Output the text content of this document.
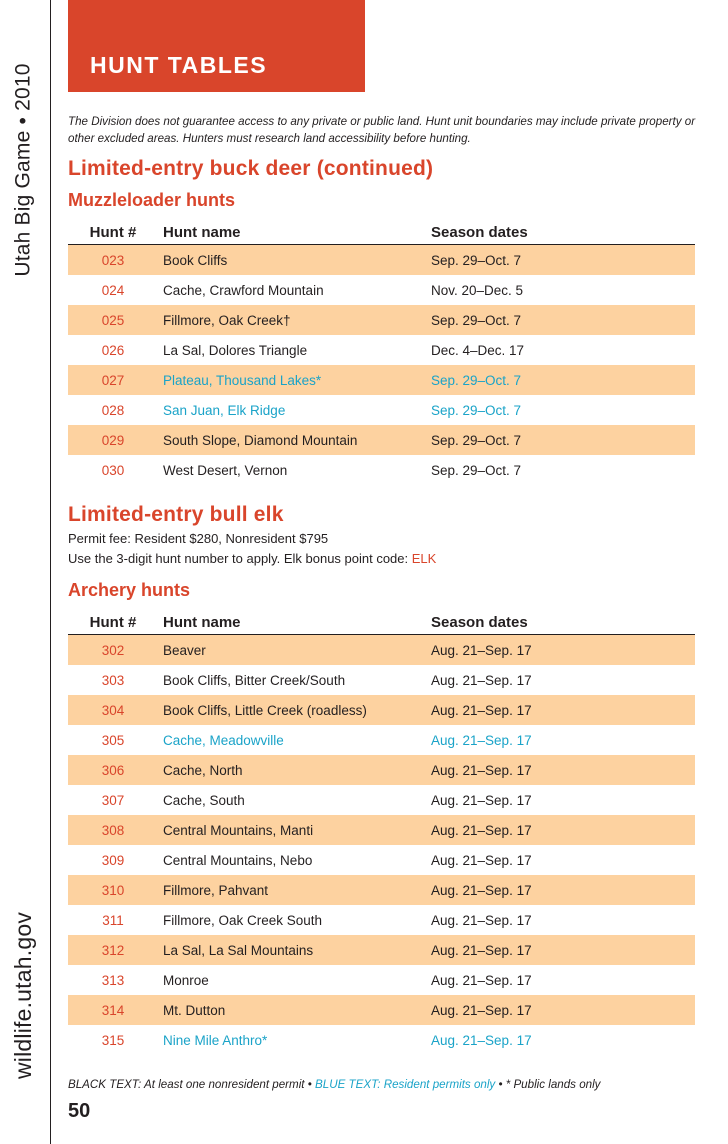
Utah Big Game • 2010
wildlife.utah.gov
HUNT TABLES

The Division does not guarantee access to any private or public land. Hunt unit boundaries may include private property or

other excluded areas. Hunters must research land accessibility before hunting.

Limited-entry buck deer (continued)
Muzzleloader hunts
Hunt #	Hunt name	Season dates
023	Book Cliffs	Sep. 29–Oct. 7
024	Cache, Crawford Mountain	Nov. 20–Dec. 5
025	Fillmore, Oak Creek†	Sep. 29–Oct. 7
026	La Sal, Dolores Triangle	Dec. 4–Dec. 17
027	Plateau, Thousand Lakes*	Sep. 29–Oct. 7
028	San Juan, Elk Ridge	Sep. 29–Oct. 7
029	South Slope, Diamond Mountain	Sep. 29–Oct. 7
030	West Desert, Vernon	Sep. 29–Oct. 7
Limited-entry bull elk
Permit fee: Resident $280, Nonresident $795
Use the 3-digit hunt number to apply. Elk bonus point code: ELK
Archery hunts
Hunt #	Hunt name	Season dates
302	Beaver	Aug. 21–Sep. 17
303	Book Cliffs, Bitter Creek/South	Aug. 21–Sep. 17
304	Book Cliffs, Little Creek (roadless)	Aug. 21–Sep. 17
305	Cache, Meadowville	Aug. 21–Sep. 17
306	Cache, North	Aug. 21–Sep. 17
307	Cache, South	Aug. 21–Sep. 17
308	Central Mountains, Manti	Aug. 21–Sep. 17
309	Central Mountains, Nebo	Aug. 21–Sep. 17
310	Fillmore, Pahvant	Aug. 21–Sep. 17
311	Fillmore, Oak Creek South	Aug. 21–Sep. 17
312	La Sal, La Sal Mountains	Aug. 21–Sep. 17
313	Monroe	Aug. 21–Sep. 17
314	Mt. Dutton	Aug. 21–Sep. 17
315	Nine Mile Anthro*	Aug. 21–Sep. 17
BLACK TEXT: At least one nonresident permit • BLUE TEXT: Resident permits only • * Public lands only
50
